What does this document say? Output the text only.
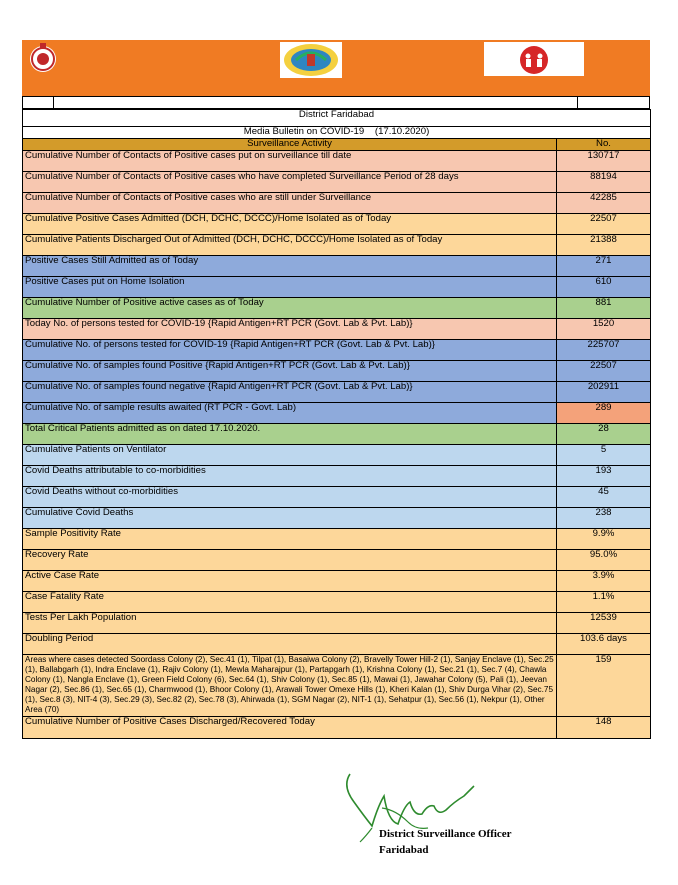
District Faridabad	
Media Bulletin on COVID-19 (17.10.2020)	
Surveillance Activity	No.
Cumulative Number of Contacts of Positive cases put on surveillance till date	130717
Cumulative Number of Contacts of Positive cases who have completed Surveillance Period of 28 days	88194
Cumulative Number of Contacts of Positive cases who are still under Surveillance	42285
Cumulative Positive Cases Admitted (DCH, DCHC, DCCC)/Home Isolated as of Today	22507
Cumulative Patients Discharged Out of Admitted (DCH, DCHC, DCCC)/Home Isolated as of Today	21388
Positive Cases Still Admitted as of Today	271
Positive Cases put on Home Isolation	610
Cumulative Number of Positive active cases as of Today	881
Today No. of persons tested for COVID-19 {Rapid Antigen+RT PCR (Govt. Lab & Pvt. Lab)}	1520
Cumulative No. of persons tested for COVID-19 {Rapid Antigen+RT PCR (Govt. Lab & Pvt. Lab)}	225707
Cumulative No. of samples found Positive {Rapid Antigen+RT PCR (Govt. Lab & Pvt. Lab)}	22507
Cumulative No. of samples found negative {Rapid Antigen+RT PCR (Govt. Lab & Pvt. Lab)}	202911
Cumulative No. of sample results awaited (RT PCR - Govt. Lab)	289
Total Critical Patients admitted as on dated 17.10.2020.	28
Cumulative Patients on Ventilator	5
Covid Deaths attributable to co-morbidities	193
Covid Deaths without co-morbidities	45
Cumulative Covid Deaths	238
Sample Positivity Rate	9.9%
Recovery Rate	95.0%
Active Case Rate	3.9%
Case Fatality Rate	1.1%
Tests Per Lakh Population	12539
Doubling Period	103.6 days
Areas where cases detected Soordass Colony (2), Sec.41 (1), Tilpat (1), Basaiwa Colony (2), Bravelly Tower Hill-2 (1), Sanjay Enclave (1), Sec.25 (1), Ballabgarh (1), Indra Enclave (1), Rajiv Colony (1), Mewla Maharajpur (1), Partapgarh (1), Krishna Colony (1), Sec.21 (1), Sec.7 (4), Chawla Colony (1), Nangla Enclave (1), Green Field Colony (6), Sec.64 (1), Shiv Colony (1), Sec.85 (1), Mawai (1), Jawahar Colony (5), Pali (1), Jeevan Nagar (2), Sec.86 (1), Sec.65 (1), Charmwood (1), Bhoor Colony (1), Arawali Tower Omexe Hills (1), Kheri Kalan (1), Shiv Durga Vihar (2), Sec.75 (1), Sec.8 (3), NIT-4 (3), Sec.29 (3), Sec.82 (2), Sec.78 (3), Ahirwada (1), SGM Nagar (2), NIT-1 (1), Sehatpur (1), Sec.56 (1), Nekpur (1), Other Area (70)	159
Cumulative Number of Positive Cases Discharged/Recovered Today	148
District Surveillance Officer
Faridabad
